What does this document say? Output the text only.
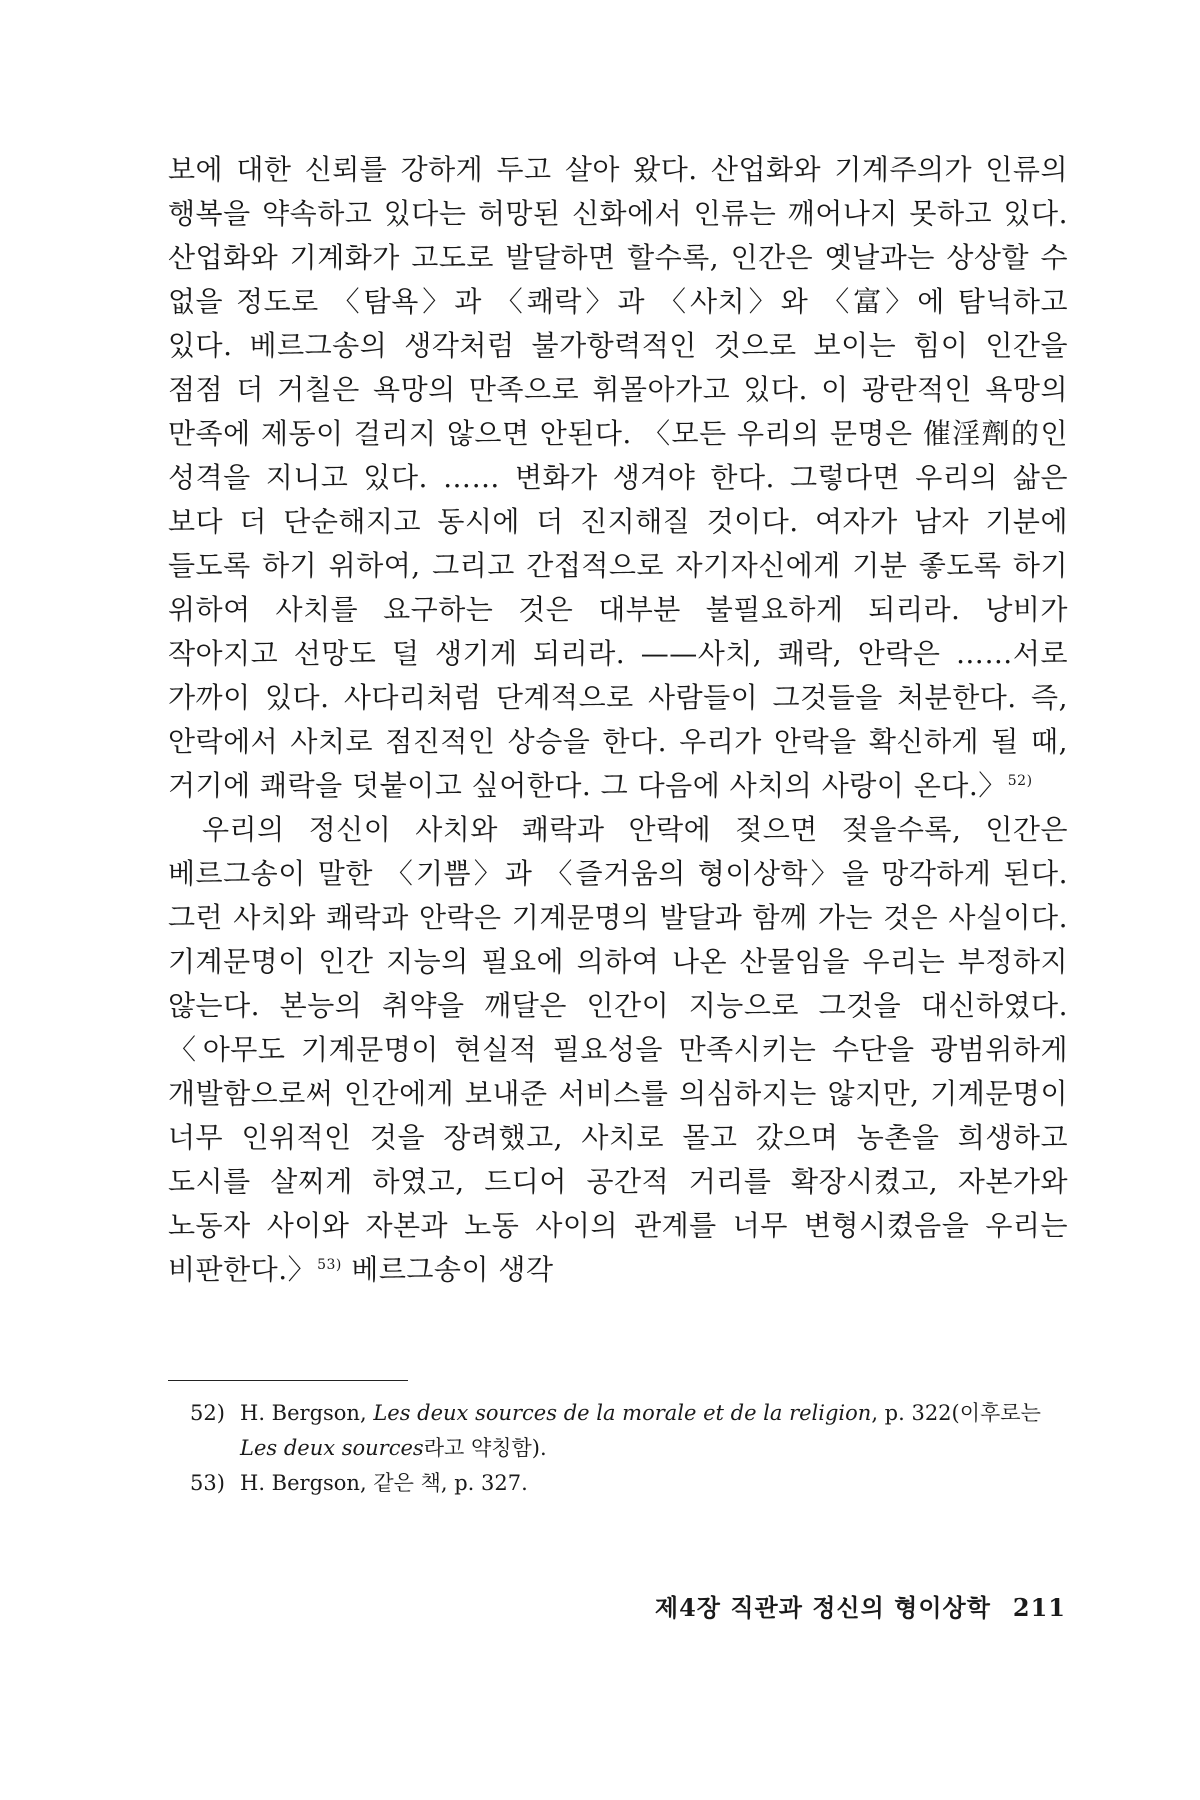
보에 대한 신뢰를 강하게 두고 살아 왔다. 산업화와 기계주의가 인류의 행복을 약속하고 있다는 허망된 신화에서 인류는 깨어나지 못하고 있다. 산업화와 기계화가 고도로 발달하면 할수록, 인간은 옛날과는 상상할 수 없을 정도로 〈탐욕〉과 〈쾌락〉과 〈사치〉와 〈富〉에 탐닉하고 있다. 베르그송의 생각처럼 불가항력적인 것으로 보이는 힘이 인간을 점점 더 거칠은 욕망의 만족으로 휘몰아가고 있다. 이 광란적인 욕망의 만족에 제동이 걸리지 않으면 안된다. 〈모든 우리의 문명은 催淫劑的인 성격을 지니고 있다. …… 변화가 생겨야 한다. 그렇다면 우리의 삶은 보다 더 단순해지고 동시에 더 진지해질 것이다. 여자가 남자 기분에 들도록 하기 위하여, 그리고 간접적으로 자기자신에게 기분 좋도록 하기 위하여 사치를 요구하는 것은 대부분 불필요하게 되리라. 낭비가 작아지고 선망도 덜 생기게 되리라. ——사치, 쾌락, 안락은 ……서로 가까이 있다. 사다리처럼 단계적으로 사람들이 그것들을 처분한다. 즉, 안락에서 사치로 점진적인 상승을 한다. 우리가 안락을 확신하게 될 때, 거기에 쾌락을 덧붙이고 싶어한다. 그 다음에 사치의 사랑이 온다.〉$^{52)}$

우리의 정신이 사치와 쾌락과 안락에 젖으면 젖을수록, 인간은 베르그송이 말한 〈기쁨〉과 〈즐거움의 형이상학〉을 망각하게 된다. 그런 사치와 쾌락과 안락은 기계문명의 발달과 함께 가는 것은 사실이다. 기계문명이 인간 지능의 필요에 의하여 나온 산물임을 우리는 부정하지 않는다. 본능의 취약을 깨달은 인간이 지능으로 그것을 대신하였다. 〈아무도 기계문명이 현실적 필요성을 만족시키는 수단을 광범위하게 개발함으로써 인간에게 보내준 서비스를 의심하지는 않지만, 기계문명이 너무 인위적인 것을 장려했고, 사치로 몰고 갔으며 농촌을 희생하고 도시를 살찌게 하였고, 드디어 공간적 거리를 확장시켰고, 자본가와 노동자 사이와 자본과 노동 사이의 관계를 너무 변형시켰음을 우리는 비판한다.〉$^{53)}$ 베르그송이 생각

52) H. Bergson, Les deux sources de la morale et de la religion, p. 322(이후로는 Les deux sources라고 약칭함).
53) H. Bergson, 같은 책, p. 327.
제4장 직관과 정신의 형이상학 211
